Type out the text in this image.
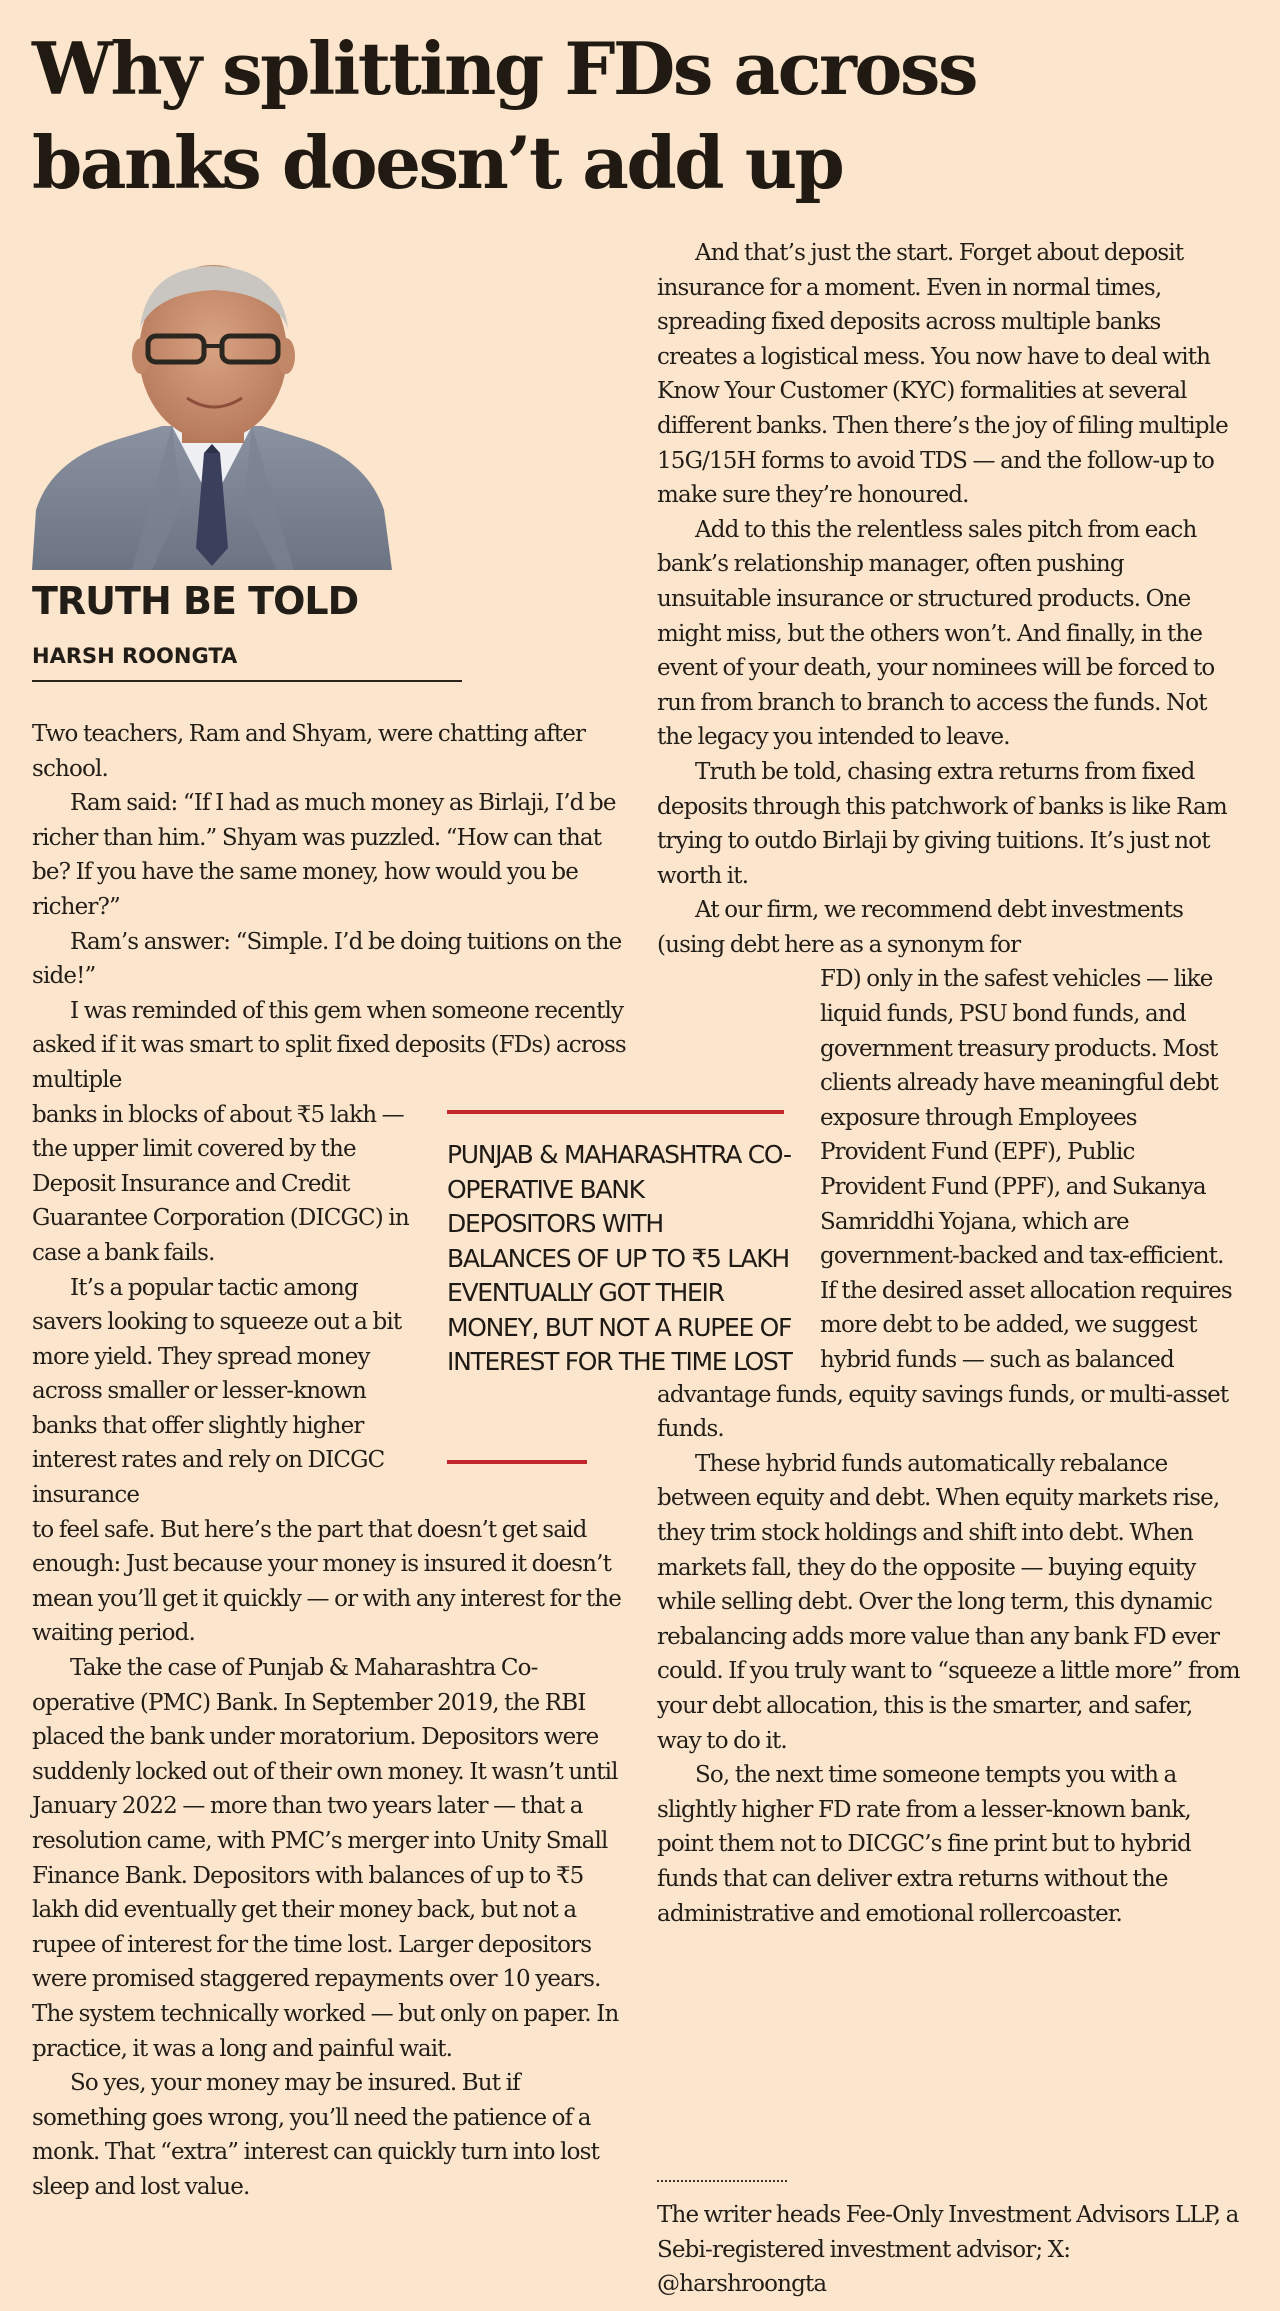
Why splitting FDs across
banks doesn’t add up
TRUTH BE TOLD
HARSH ROONGTA

Two teachers, Ram and Shyam, were chatting after school.

Ram said: “If I had as much money as Birlaji, I’d be richer than him.” Shyam was puzzled. “How can that be? If you have the same money, how would you be richer?”

Ram’s answer: “Simple. I’d be doing tuitions on the side!”

I was reminded of this gem when someone recently asked if it was smart to split fixed deposits (FDs) across multiple

banks in blocks of about ₹5 lakh — the upper limit covered by the Deposit Insurance and Credit Guarantee Corporation (DICGC) in case a bank fails.

It’s a popular tactic among savers looking to squeeze out a bit more yield. They spread money across smaller or lesser-known banks that offer slightly higher interest rates and rely on DICGC insurance

to feel safe. But here’s the part that doesn’t get said enough: Just because your money is insured it doesn’t mean you’ll get it quickly — or with any interest for the waiting period.

Take the case of Punjab & Maharashtra Co-operative (PMC) Bank. In September 2019, the RBI placed the bank under moratorium. Depositors were suddenly locked out of their own money. It wasn’t until January 2022 — more than two years later — that a resolution came, with PMC’s merger into Unity Small Finance Bank. Depositors with balances of up to ₹5 lakh did eventually get their money back, but not a rupee of interest for the time lost. Larger depositors were promised staggered repayments over 10 years. The system technically worked — but only on paper. In practice, it was a long and painful wait.

So yes, your money may be insured. But if something goes wrong, you’ll need the patience of a monk. That “extra” interest can quickly turn into lost sleep and lost value.

PUNJAB & MAHARASHTRA CO-OPERATIVE BANK DEPOSITORS WITH BALANCES OF UP TO ₹5 LAKH EVENTUALLY GOT THEIR MONEY, BUT NOT A RUPEE OF INTEREST FOR THE TIME LOST

And that’s just the start. Forget about deposit insurance for a moment. Even in normal times, spreading fixed deposits across multiple banks creates a logistical mess. You now have to deal with Know Your Customer (KYC) formalities at several different banks. Then there’s the joy of filing multiple 15G/15H forms to avoid TDS — and the follow-up to make sure they’re honoured.

Add to this the relentless sales pitch from each bank’s relationship manager, often pushing unsuitable insurance or structured products. One might miss, but the others won’t. And finally, in the event of your death, your nominees will be forced to run from branch to branch to access the funds. Not the legacy you intended to leave.

Truth be told, chasing extra returns from fixed deposits through this patchwork of banks is like Ram trying to outdo Birlaji by giving tuitions. It’s just not worth it.

At our firm, we recommend debt investments (using debt here as a synonym for

FD) only in the safest vehicles — like liquid funds, PSU bond funds, and government treasury products. Most clients already have meaningful debt exposure through Employees Provident Fund (EPF), Public Provident Fund (PPF), and Sukanya Samriddhi Yojana, which are government-backed and tax-efficient. If the desired asset allocation requires more debt to be added, we suggest hybrid funds — such as balanced

advantage funds, equity savings funds, or multi-asset funds.

These hybrid funds automatically rebalance between equity and debt. When equity markets rise, they trim stock holdings and shift into debt. When markets fall, they do the opposite — buying equity while selling debt. Over the long term, this dynamic rebalancing adds more value than any bank FD ever could. If you truly want to “squeeze a little more” from your debt allocation, this is the smarter, and safer, way to do it.

So, the next time someone tempts you with a slightly higher FD rate from a lesser-known bank, point them not to DICGC’s fine print but to hybrid funds that can deliver extra returns without the administrative and emotional rollercoaster.

The writer heads Fee-Only Investment Advisors LLP, a Sebi-registered investment advisor; X: @harshroongta
